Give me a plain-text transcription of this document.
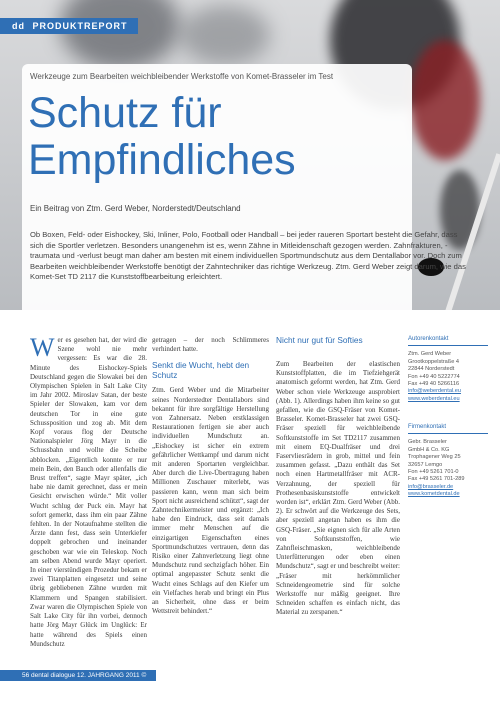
dd PRODUKTREPORT
Werkzeuge zum Bearbeiten weichbleibender Werkstoffe von Komet-Brasseler im Test
Schutz für
Empfindliches
Ein Beitrag von Ztm. Gerd Weber, Norderstedt/Deutschland

Ob Boxen, Feld- oder Eishockey, Ski, Inliner, Polo, Football oder Handball – bei jeder raueren Sportart besteht die Gefahr, dass sich die Sportler verletzen. Besonders unangenehm ist es, wenn Zähne in Mitleidenschaft gezogen werden. Zahnfrakturen, -traumata und -verlust beugt man daher am besten mit einem individuellen Sportmundschutz aus dem Dentallabor vor. Doch zum Bearbeiten weichbleibender Werkstoffe benötigt der Zahntechniker das richtige Werkzeug. Ztm. Gerd Weber zeigt darum, wie das Komet-Set TD 2117 die Kunststoffbearbeitung erleichtert.

W er es gesehen hat, der wird die Szene wohl nie mehr vergessen: Es war die 28. Minute des Eishockey-Spiels Deutschland gegen die Slowakei bei den Olympischen Spielen in Salt Lake City im Jahr 2002. Miroslav Satan, der beste Spieler der Slowaken, kam vor dem deutschen Tor in eine gute Schussposition und zog ab. Mit dem Kopf voraus flog der Deutsche Nationalspieler Jörg Mayr in die Schussbahn und wollte die Scheibe abblocken. „Eigentlich konnte er nur mein Bein, den Bauch oder allenfalls die Brust treffen“, sagte Mayr später, „ich habe nie damit gerechnet, dass er mein Gesicht erwischen würde.“ Mit voller Wucht schlug der Puck ein. Mayr hat sofort gemerkt, dass ihm ein paar Zähne fehlten. In der Notaufnahme stellten die Ärzte dann fest, dass sein Unterkiefer doppelt gebrochen und ineinander geschoben war wie ein Teleskop. Noch am selben Abend wurde Mayr operiert. In einer vierstündigen Prozedur bekam er zwei Titanplatten eingesetzt und seine übrig gebliebenen Zähne wurden mit Klammern und Spangen stabilisiert. Zwar waren die Olympischen Spiele von Salt Lake City für ihn vorbei, dennoch hatte Jörg Mayr Glück im Unglück: Er hatte während des Spiels einen Mundschutz

getragen – der noch Schlimmeres verhindert hatte.

Senkt die Wucht, hebt den Schutz

Ztm. Gerd Weber und die Mitarbeiter seines Norderstedter Dentallabors sind bekannt für ihre sorgfältige Herstellung von Zahnersatz. Neben erstklassigen Restaurationen fertigen sie aber auch individuellen Mundschutz an. „Eishockey ist sicher ein extrem gefährlicher Wettkampf und darum nicht mit anderen Sportarten vergleichbar. Aber durch die Live-Übertragung haben Millionen Zuschauer miterlebt, was passieren kann, wenn man sich beim Sport nicht ausreichend schützt“, sagt der Zahntechnikermeister und ergänzt: „Ich habe den Eindruck, dass seit damals immer mehr Menschen auf die einzigartigen Eigenschaften eines Sportmundschutzes vertrauen, denn das Risiko einer Zahnverletzung liegt ohne Mundschutz rund sechzigfach höher. Ein optimal angepasster Schutz senkt die Wucht eines Schlags auf den Kiefer um ein Vielfaches herab und bringt ein Plus an Sicherheit, ohne dass er beim Wettstreit behindert.“

Nicht nur gut für Softies

Zum Bearbeiten der elastischen Kunststoffplatten, die im Tiefziehgerät anatomisch geformt werden, hat Ztm. Gerd Weber schon viele Werkzeuge ausprobiert (Abb. 1). Allerdings haben ihm keine so gut gefallen, wie die GSQ-Fräser von Komet-Brasseler. Komet-Brasseler hat zwei GSQ-Fräser speziell für weichbleibende Softkunststoffe im Set TD2117 zusammen mit einem EQ-Dualfräser und drei Faservliesrädern in grob, mittel und fein zusammen gefasst. „Dazu enthält das Set noch einen Hartmetallfräser mit ACR-Verzahnung, der speziell für Prothesenbasiskunststoffe entwickelt worden ist“, erklärt Ztm. Gerd Weber (Abb. 2). Er schwört auf die Werkzeuge des Sets, aber speziell angetan haben es ihm die GSQ-Fräser. „Sie eignen sich für alle Arten von Softkunststoffen, wie Zahnfleischmasken, weichbleibende Unterfütterungen oder eben einen Mundschutz“, sagt er und beschreibt weiter: „Fräser mit herkömmlicher Schneidengeometrie sind für solche Werkstoffe nur mäßig geeignet. Ihre Schneiden schaffen es einfach nicht, das Material zu zerspanen.“

Autorenkontakt
Ztm. Gerd Weber
Grootkoppelstraße 4
22844 Norderstedt
Fon +49 40 5222774
Fax +49 40 5266116
info@weberdental.eu
www.weberdental.eu
Firmenkontakt
Gebr. Brasseler
GmbH & Co. KG
Trophagener Weg 25
32657 Lemgo
Fon +49 5261 701-0
Fax +49 5261 701-289
info@brasseler.de
www.kometdental.de
56 dental dialogue 12. JAHRGANG 2011 ©
